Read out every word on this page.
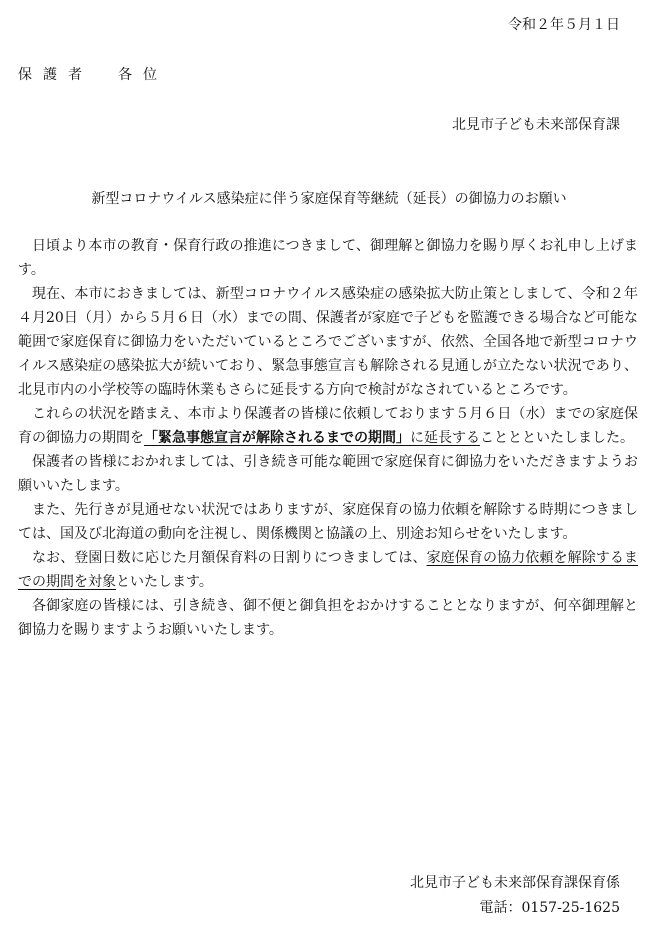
令和２年５月１日
保護者　各位
北見市子ども未来部保育課
新型コロナウイルス感染症に伴う家庭保育等継続（延長）の御協力のお願い

日頃より本市の教育・保育行政の推進につきまして、御理解と御協力を賜り厚くお礼申し上げます。

現在、本市におきましては、新型コロナウイルス感染症の感染拡大防止策としまして、令和２年４月20日（月）から５月６日（水）までの間、保護者が家庭で子どもを監護できる場合など可能な範囲で家庭保育に御協力をいただいているところでございますが、依然、全国各地で新型コロナウイルス感染症の感染拡大が続いており、緊急事態宣言も解除される見通しが立たない状況であり、北見市内の小学校等の臨時休業もさらに延長する方向で検討がなされているところです。

これらの状況を踏まえ、本市より保護者の皆様に依頼しております５月６日（水）までの家庭保育の御協力の期間を「緊急事態宣言が解除されるまでの期間」に延長することとといたしました。

保護者の皆様におかれましては、引き続き可能な範囲で家庭保育に御協力をいただきますようお願いいたします。

また、先行きが見通せない状況ではありますが、家庭保育の協力依頼を解除する時期につきましては、国及び北海道の動向を注視し、関係機関と協議の上、別途お知らせをいたします。

なお、登園日数に応じた月額保育料の日割りにつきましては、家庭保育の協力依頼を解除するまでの期間を対象といたします。

各御家庭の皆様には、引き続き、御不便と御負担をおかけすることとなりますが、何卒御理解と御協力を賜りますようお願いいたします。

北見市子ども未来部保育課保育係
電話：0157-25-1625
